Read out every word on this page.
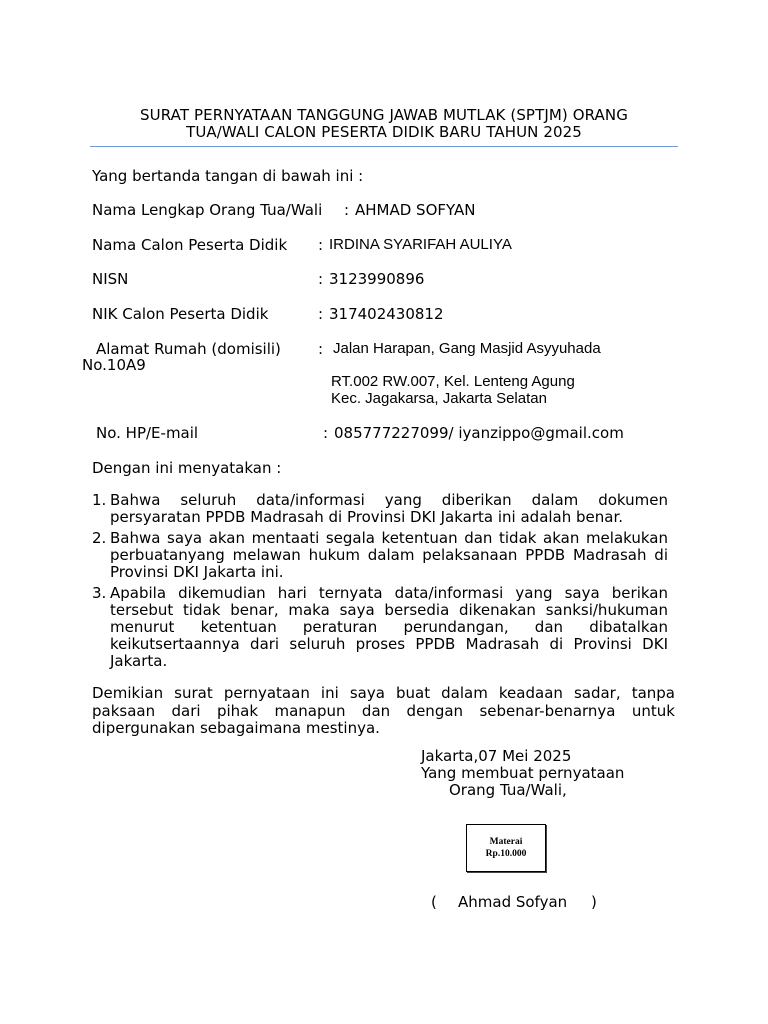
SURAT PERNYATAAN TANGGUNG JAWAB MUTLAK (SPTJM) ORANG
TUA/WALI CALON PESERTA DIDIK BARU TAHUN 2025
Yang bertanda tangan di bawah ini :
Nama Lengkap Orang Tua/Wali : AHMAD SOFYAN
Nama Calon Peserta Didik : IRDINA SYARIFAH AULIYA
NISN	: 3123990896
NIK Calon Peserta Didik	: 317402430812
Alamat Rumah (domisili) : Jalan Harapan, Gang Masjid Asyyuhada
No.10A9
RT.002 RW.007, Kel. Lenteng Agung
Kec. Jagakarsa, Jakarta Selatan
No. HP/E-mail	: 085777227099/ iyanzippo@gmail.com
Dengan ini menyatakan :
1. Bahwa seluruh data/informasi yang diberikan dalam dokumen persyaratan PPDB Madrasah di Provinsi DKI Jakarta ini adalah benar.
2. Bahwa saya akan mentaati segala ketentuan dan tidak akan melakukan perbuatanyang melawan hukum dalam pelaksanaan PPDB Madrasah di Provinsi DKI Jakarta ini.
3. Apabila dikemudian hari ternyata data/informasi yang saya berikan tersebut tidak benar, maka saya bersedia dikenakan sanksi/hukuman menurut ketentuan peraturan perundangan, dan dibatalkan keikutsertaannya dari seluruh proses PPDB Madrasah di Provinsi DKI Jakarta.
Demikian surat pernyataan ini saya buat dalam keadaan sadar, tanpa paksaan dari pihak manapun dan dengan sebenar-benarnya untuk dipergunakan sebagaimana mestinya.
Jakarta,07 Mei 2025
Yang membuat pernyataan
Orang Tua/Wali,
Materai
Rp.10.000
( Ahmad Sofyan )
